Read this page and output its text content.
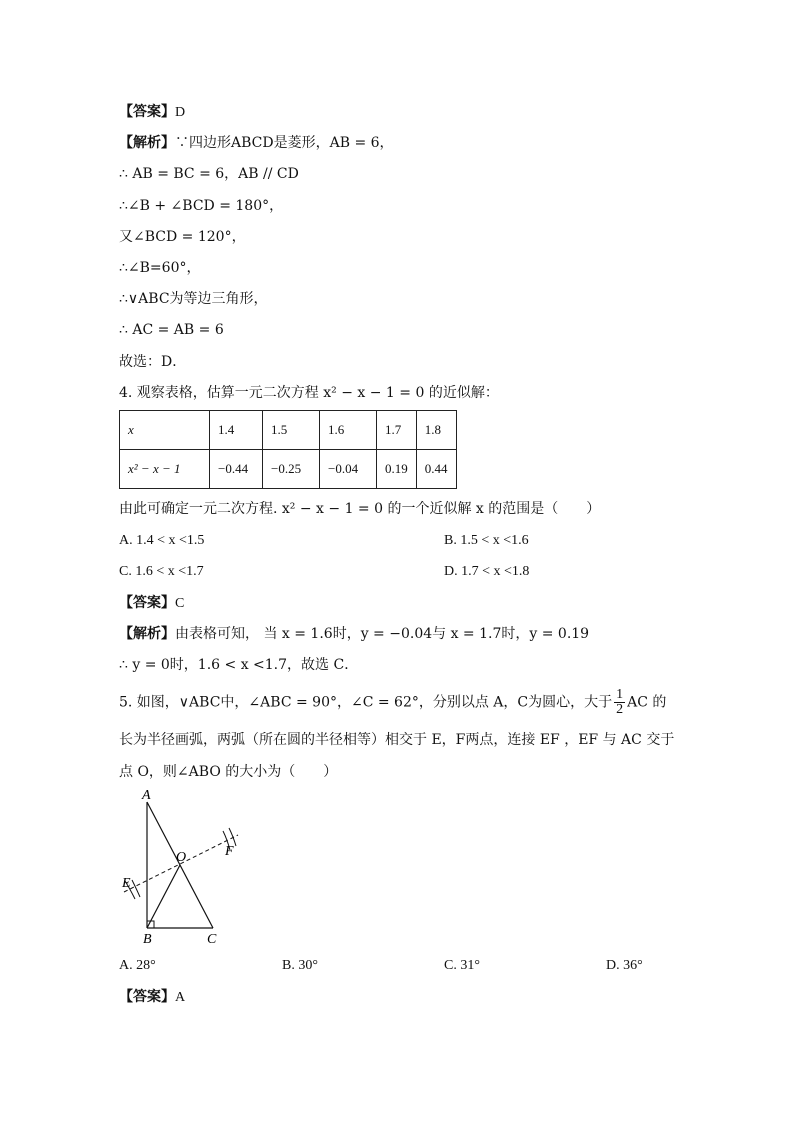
【答案】D
【解析】∵四边形ABCD是菱形，AB = 6，
∴ AB = BC = 6，AB // CD
∴∠B + ∠BCD = 180°，
又∠BCD = 120°，
∴∠B=60°，
∴∨ABC为等边三角形，
∴ AC = AB = 6
故选：D．
4. 观察表格，估算一元二次方程 x² − x − 1 = 0 的近似解：
x	1.4	1.5	1.6	1.7	1.8
x² − x − 1	−0.44	−0.25	−0.04	0.19	0.44
由此可确定一元二次方程. x² − x − 1 = 0 的一个近似解 x 的范围是（　　）
A. 1.4 < x <1.5	B. 1.5 < x <1.6
C. 1.6 < x <1.7	D. 1.7 < x <1.8
【答案】C
【解析】由表格可知， 当 x = 1.6时，y = −0.04与 x = 1.7时，y = 0.19
∴ y = 0时，1.6 < x <1.7，故选 C．
5. 如图，∨ABC中，∠ABC = 90°，∠C = 62°，分别以点 A，C为圆心，大于 $\frac{1}{2}$ AC 的
长为半径画弧，两弧（所在圆的半径相等）相交于 E，F两点，连接 EF ，EF 与 AC 交于
点 O，则∠ABO 的大小为（　　）
A
B	C
E
F
O
A. 28°	B. 30°	C. 31°	D. 36°
【答案】A
